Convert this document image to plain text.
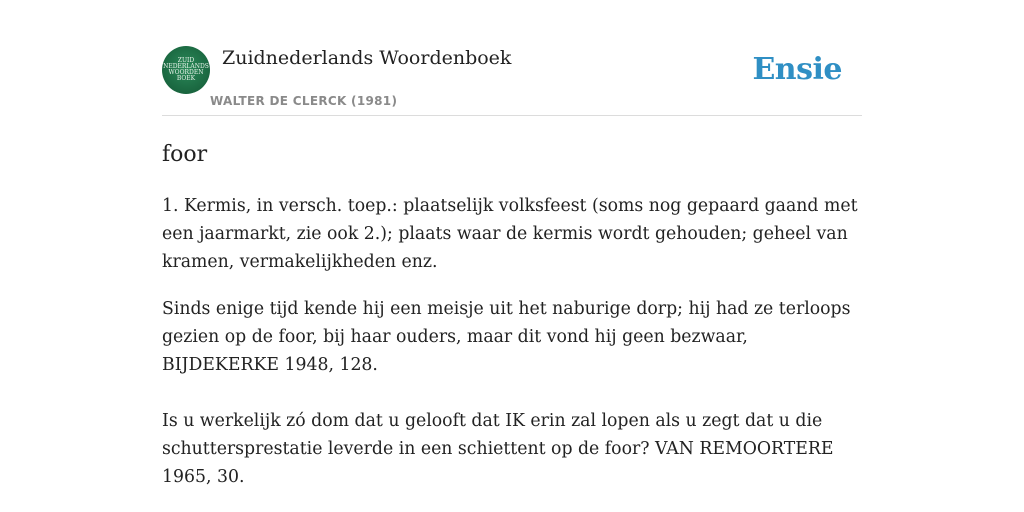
ZUID
NEDERLANDS
WOORDEN
BOEK
Zuidnederlands Woordenboek
WALTER DE CLERCK (1981)
Ensie
foor

1. Kermis, in versch. toep.: plaatselijk volksfeest (soms nog gepaard gaand met een jaarmarkt, zie ook 2.); plaats waar de kermis wordt gehouden; geheel van kramen, vermakelijkheden enz.

Sinds enige tijd kende hij een meisje uit het naburige dorp; hij had ze terloops gezien op de foor, bij haar ouders, maar dit vond hij geen bezwaar, BIJDEKERKE 1948, 128.

Is u werkelijk zó dom dat u gelooft dat IK erin zal lopen als u zegt dat u die schuttersprestatie leverde in een schiettent op de foor? VAN REMOORTERE 1965, 30.
